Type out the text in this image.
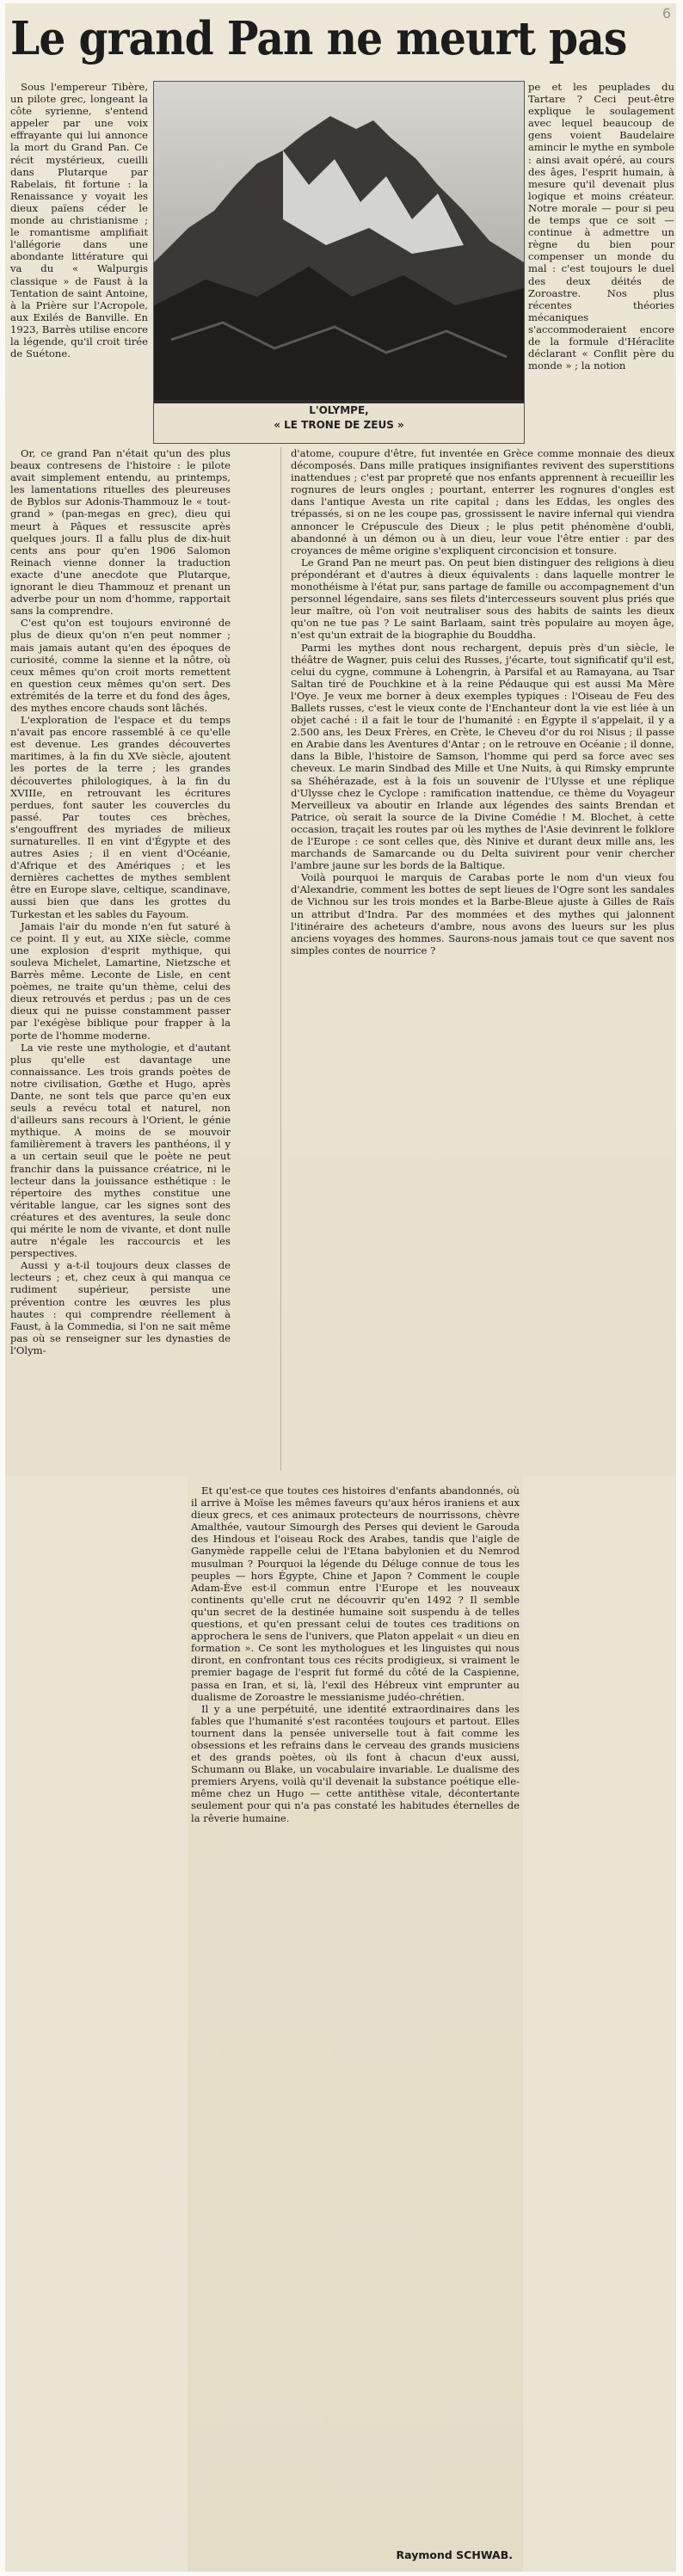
6
Le grand Pan ne meurt pas

Sous l'empereur Tibère, un pilote grec, longeant la côte syrienne, s'entend appeler par une voix effrayante qui lui annonce la mort du Grand Pan. Ce récit mystérieux, cueilli dans Plutarque par Rabelais, fit fortune : la Renaissance y voyait les dieux païens céder le monde au christianisme ; le romantisme amplifiait l'allégorie dans une abondante littérature qui va du « Walpurgis classique » de Faust à la Tentation de saint Antoine, à la Prière sur l'Acropole, aux Exilés de Banville. En 1923, Barrès utilise encore la légende, qu'il croit tirée de Suétone.

L'OLYMPE,
« LE TRONE DE ZEUS »

pe et les peuplades du Tartare ? Ceci peut-être explique le soulagement avec lequel beaucoup de gens voient Baudelaire amincir le mythe en symbole : ainsi avait opéré, au cours des âges, l'esprit humain, à mesure qu'il devenait plus logique et moins créateur. Notre morale — pour si peu de temps que ce soit — continue à admettre un règne du bien pour compenser un monde du mal : c'est toujours le duel des deux déités de Zoroastre. Nos plus récentes théories mécaniques s'accommoderaient encore de la formule d'Héraclite déclarant « Conflit père du monde » ; la notion

Or, ce grand Pan n'était qu'un des plus beaux contresens de l'histoire : le pilote avait simplement entendu, au printemps, les lamentations rituelles des pleureuses de Byblos sur Adonis-Thammouz le « tout-grand » (pan-megas en grec), dieu qui meurt à Pâques et ressuscite après quelques jours. Il a fallu plus de dix-huit cents ans pour qu'en 1906 Salomon Reinach vienne donner la traduction exacte d'une anecdote que Plutarque, ignorant le dieu Thammouz et prenant un adverbe pour un nom d'homme, rapportait sans la comprendre.

C'est qu'on est toujours environné de plus de dieux qu'on n'en peut nommer ; mais jamais autant qu'en des époques de curiosité, comme la sienne et la nôtre, où ceux mêmes qu'on croit morts remettent en question ceux mêmes qu'on sert. Des extrémités de la terre et du fond des âges, des mythes encore chauds sont lâchés.

L'exploration de l'espace et du temps n'avait pas encore rassemblé à ce qu'elle est devenue. Les grandes découvertes maritimes, à la fin du XVe siècle, ajoutent les portes de la terre ; les grandes découvertes philologiques, à la fin du XVIIIe, en retrouvant les écritures perdues, font sauter les couvercles du passé. Par toutes ces brèches, s'engouffrent des myriades de milieux surnaturelles. Il en vint d'Égypte et des autres Asies ; il en vient d'Océanie, d'Afrique et des Amériques ; et les dernières cachettes de mythes semblent être en Europe slave, celtique, scandinave, aussi bien que dans les grottes du Turkestan et les sables du Fayoum.

Jamais l'air du monde n'en fut saturé à ce point. Il y eut, au XIXe siècle, comme une explosion d'esprit mythique, qui souleva Michelet, Lamartine, Nietzsche et Barrès même. Leconte de Lisle, en cent poèmes, ne traite qu'un thème, celui des dieux retrouvés et perdus ; pas un de ces dieux qui ne puisse constamment passer par l'exégèse biblique pour frapper à la porte de l'homme moderne.

La vie reste une mythologie, et d'autant plus qu'elle est davantage une connaissance. Les trois grands poètes de notre civilisation, Gœthe et Hugo, après Dante, ne sont tels que parce qu'en eux seuls a revécu total et naturel, non d'ailleurs sans recours à l'Orient, le génie mythique. A moins de se mouvoir familièrement à travers les panthéons, il y a un certain seuil que le poète ne peut franchir dans la puissance créatrice, ni le lecteur dans la jouissance esthétique : le répertoire des mythes constitue une véritable langue, car les signes sont des créatures et des aventures, la seule donc qui mérite le nom de vivante, et dont nulle autre n'égale les raccourcis et les perspectives.

Aussi y a-t-il toujours deux classes de lecteurs ; et, chez ceux à qui manqua ce rudiment supérieur, persiste une prévention contre les œuvres les plus hautes : qui comprendre réellement à Faust, à la Commedia, si l'on ne sait même pas où se renseigner sur les dynasties de l'Olym-

d'atome, coupure d'être, fut inventée en Grèce comme monnaie des dieux décomposés. Dans mille pratiques insignifiantes revivent des superstitions inattendues ; c'est par propreté que nos enfants apprennent à recueillir les rognures de leurs ongles ; pourtant, enterrer les rognures d'ongles est dans l'antique Avesta un rite capital ; dans les Eddas, les ongles des trépassés, si on ne les coupe pas, grossissent le navire infernal qui viendra annoncer le Crépuscule des Dieux ; le plus petit phénomène d'oubli, abandonné à un démon ou à un dieu, leur voue l'être entier : par des croyances de même origine s'expliquent circoncision et tonsure.

Le Grand Pan ne meurt pas. On peut bien distinguer des religions à dieu prépondérant et d'autres à dieux équivalents : dans laquelle montrer le monothéisme à l'état pur, sans partage de famille ou accompagnement d'un personnel légendaire, sans ses filets d'intercesseurs souvent plus priés que leur maître, où l'on voit neutraliser sous des habits de saints les dieux qu'on ne tue pas ? Le saint Barlaam, saint très populaire au moyen âge, n'est qu'un extrait de la biographie du Bouddha.

Parmi les mythes dont nous rechargent, depuis près d'un siècle, le théâtre de Wagner, puis celui des Russes, j'écarte, tout significatif qu'il est, celui du cygne, commune à Lohengrin, à Parsifal et au Ramayana, au Tsar Saltan tiré de Pouchkine et à la reine Pédauque qui est aussi Ma Mère l'Oye. Je veux me borner à deux exemples typiques : l'Oiseau de Feu des Ballets russes, c'est le vieux conte de l'Enchanteur dont la vie est liée à un objet caché : il a fait le tour de l'humanité : en Égypte il s'appelait, il y a 2.500 ans, les Deux Frères, en Crète, le Cheveu d'or du roi Nisus ; il passe en Arabie dans les Aventures d'Antar ; on le retrouve en Océanie ; il donne, dans la Bible, l'histoire de Samson, l'homme qui perd sa force avec ses cheveux. Le marin Sindbad des Mille et Une Nuits, à qui Rimsky emprunte sa Shéhérazade, est à la fois un souvenir de l'Ulysse et une réplique d'Ulysse chez le Cyclope : ramification inattendue, ce thème du Voyageur Merveilleux va aboutir en Irlande aux légendes des saints Brendan et Patrice, où serait la source de la Divine Comédie ! M. Blochet, à cette occasion, traçait les routes par où les mythes de l'Asie devinrent le folklore de l'Europe : ce sont celles que, dès Ninive et durant deux mille ans, les marchands de Samarcande ou du Delta suivirent pour venir chercher l'ambre jaune sur les bords de la Baltique.

Voilà pourquoi le marquis de Carabas porte le nom d'un vieux fou d'Alexandrie, comment les bottes de sept lieues de l'Ogre sont les sandales de Vichnou sur les trois mondes et la Barbe-Bleue ajuste à Gilles de Raïs un attribut d'Indra. Par des mommées et des mythes qui jalonnent l'itinéraire des acheteurs d'ambre, nous avons des lueurs sur les plus anciens voyages des hommes. Saurons-nous jamais tout ce que savent nos simples contes de nourrice ?

Et qu'est-ce que toutes ces histoires d'enfants abandonnés, où il arrive à Moïse les mêmes faveurs qu'aux héros iraniens et aux dieux grecs, et ces animaux protecteurs de nourrissons, chèvre Amalthée, vautour Simourgh des Perses qui devient le Garouda des Hindous et l'oiseau Rock des Arabes, tandis que l'aigle de Ganymède rappelle celui de l'Etana babylonien et du Nemrod musulman ? Pourquoi la légende du Déluge connue de tous les peuples — hors Égypte, Chine et Japon ? Comment le couple Adam-Ève est-il commun entre l'Europe et les nouveaux continents qu'elle crut ne découvrir qu'en 1492 ? Il semble qu'un secret de la destinée humaine soit suspendu à de telles questions, et qu'en pressant celui de toutes ces traditions on approchera le sens de l'univers, que Platon appelait « un dieu en formation ». Ce sont les mythologues et les linguistes qui nous diront, en confrontant tous ces récits prodigieux, si vraiment le premier bagage de l'esprit fut formé du côté de la Caspienne, passa en Iran, et si, là, l'exil des Hébreux vint emprunter au dualisme de Zoroastre le messianisme judéo-chrétien.

Il y a une perpétuité, une identité extraordinaires dans les fables que l'humanité s'est racontées toujours et partout. Elles tournent dans la pensée universelle tout à fait comme les obsessions et les refrains dans le cerveau des grands musiciens et des grands poètes, où ils font à chacun d'eux aussi, Schumann ou Blake, un vocabulaire invariable. Le dualisme des premiers Aryens, voilà qu'il devenait la substance poétique elle-même chez un Hugo — cette antithèse vitale, décontertante seulement pour qui n'a pas constaté les habitudes éternelles de la rêverie humaine.

Raymond SCHWAB.
